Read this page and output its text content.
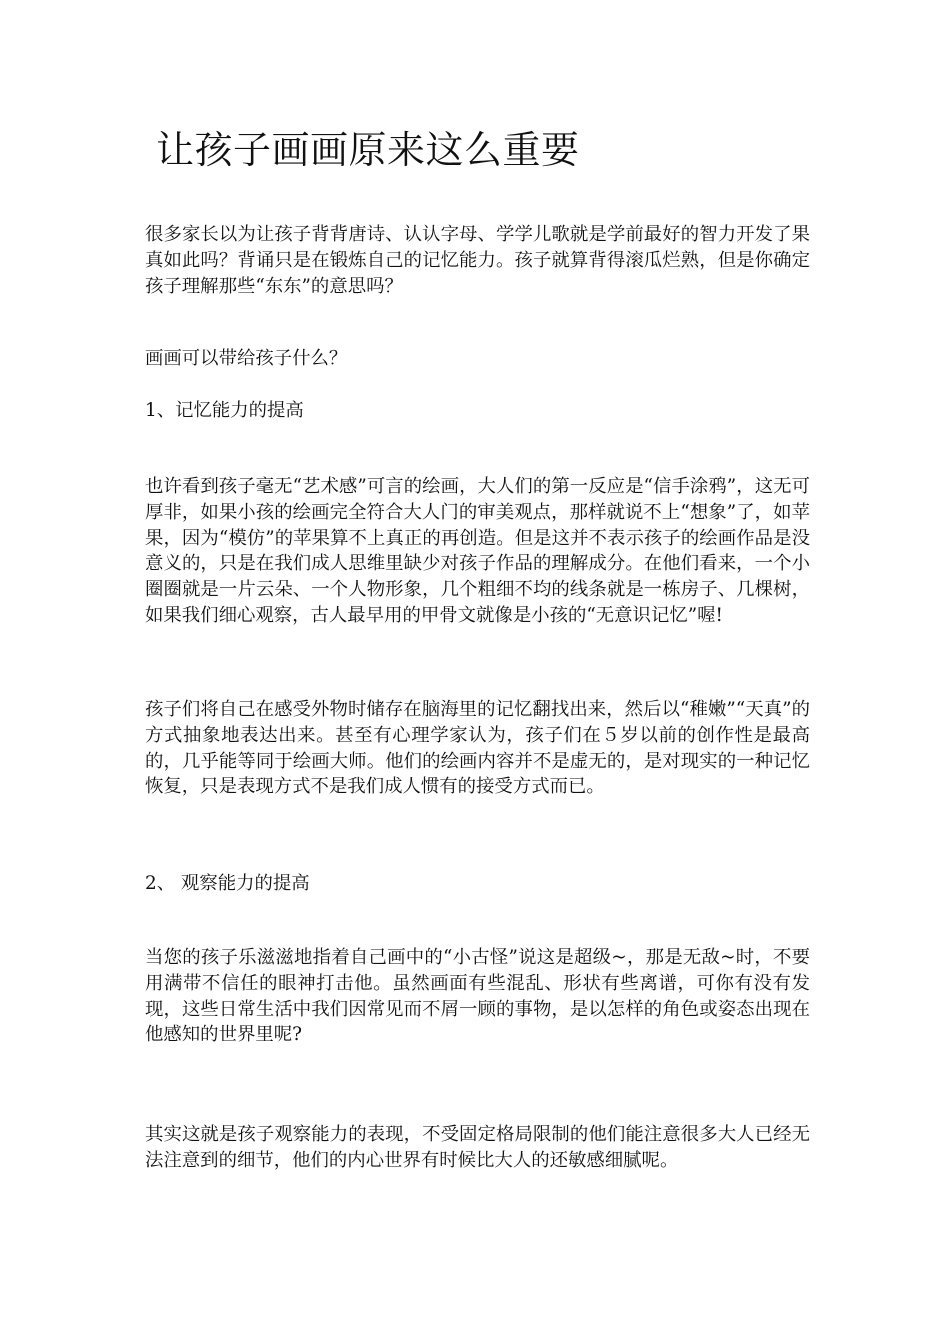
让孩子画画原来这么重要

很多家长以为让孩子背背唐诗、认认字母、学学儿歌就是学前最好的智力开发了果真如此吗？背诵只是在锻炼自己的记忆能力。孩子就算背得滚瓜烂熟，但是你确定孩子理解那些“东东”的意思吗？

画画可以带给孩子什么？

1、记忆能力的提高

也许看到孩子毫无“艺术感”可言的绘画，大人们的第一反应是“信手涂鸦”，这无可厚非，如果小孩的绘画完全符合大人门的审美观点，那样就说不上“想象”了，如苹果，因为“模仿”的苹果算不上真正的再创造。但是这并不表示孩子的绘画作品是没意义的，只是在我们成人思维里缺少对孩子作品的理解成分。在他们看来，一个小圈圈就是一片云朵、一个人物形象，几个粗细不均的线条就是一栋房子、几棵树，如果我们细心观察，古人最早用的甲骨文就像是小孩的“无意识记忆”喔!

孩子们将自己在感受外物时储存在脑海里的记忆翻找出来，然后以“稚嫩”“天真”的方式抽象地表达出来。甚至有心理学家认为，孩子们在５岁以前的创作性是最高的，几乎能等同于绘画大师。他们的绘画内容并不是虚无的，是对现实的一种记忆恢复，只是表现方式不是我们成人惯有的接受方式而已。

2、 观察能力的提高

当您的孩子乐滋滋地指着自己画中的“小古怪”说这是超级~，那是无敌~时，不要用满带不信任的眼神打击他。虽然画面有些混乱、形状有些离谱，可你有没有发现，这些日常生活中我们因常见而不屑一顾的事物，是以怎样的角色或姿态出现在他感知的世界里呢?

其实这就是孩子观察能力的表现，不受固定格局限制的他们能注意很多大人已经无法注意到的细节，他们的内心世界有时候比大人的还敏感细腻呢。
